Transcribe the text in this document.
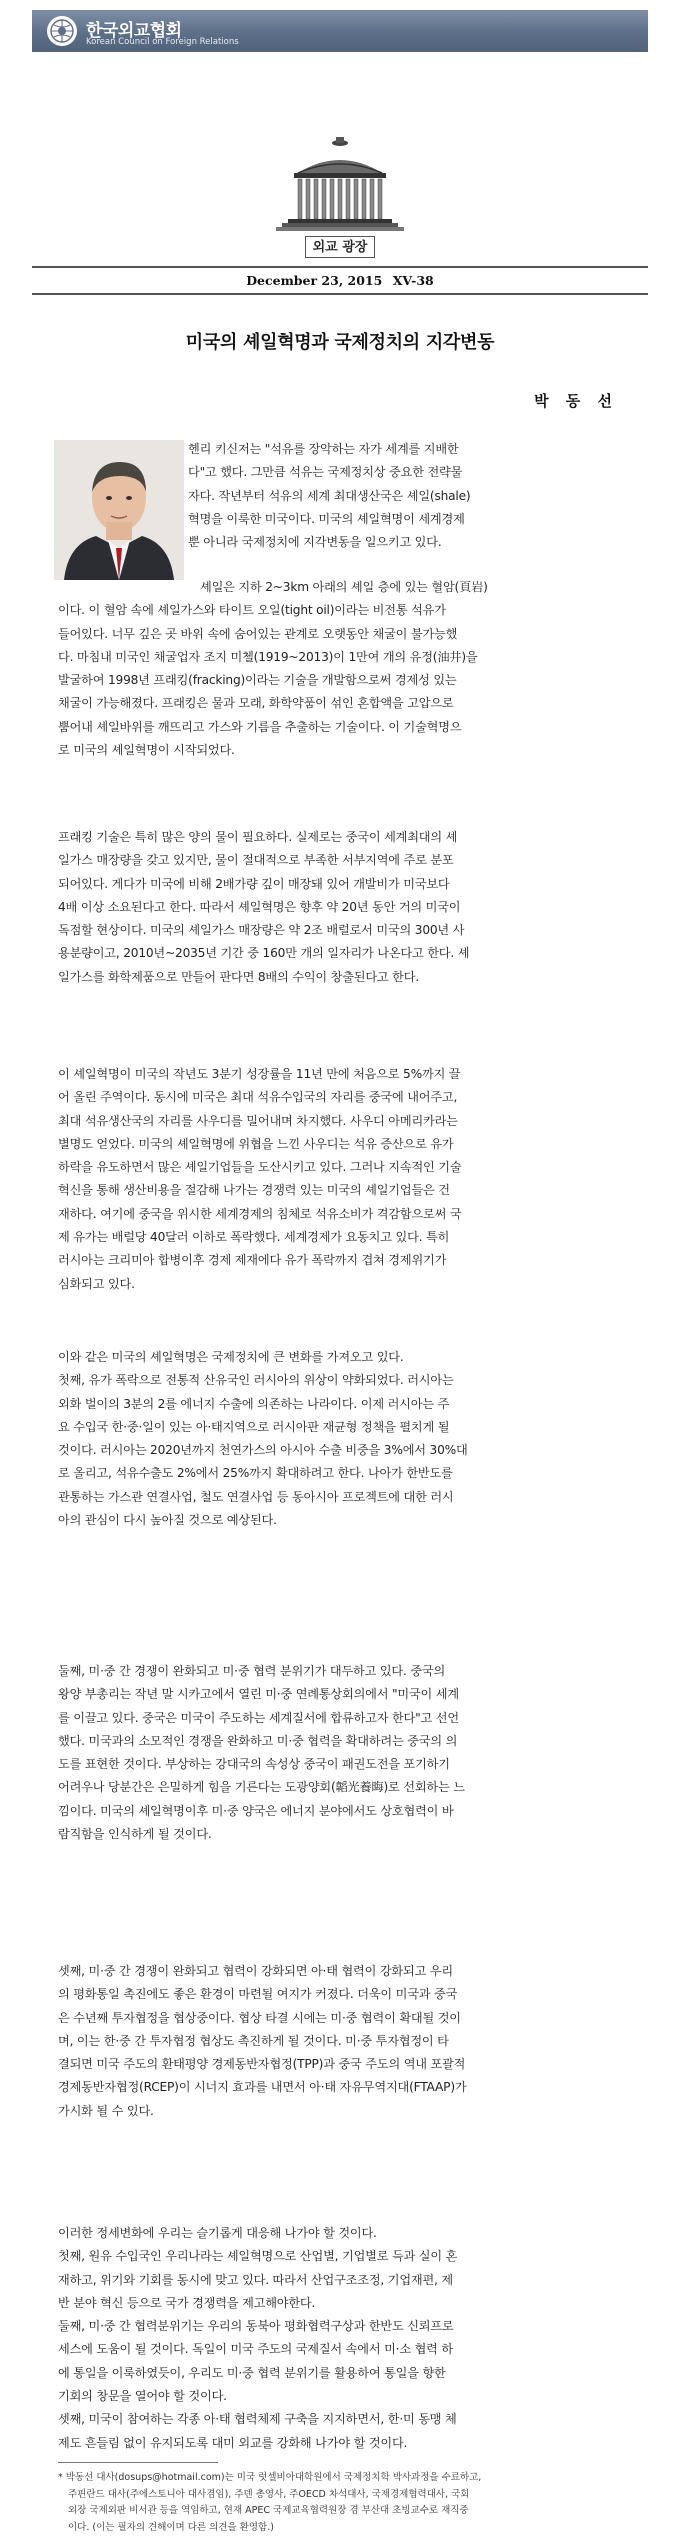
한국외교협회
Korean Council on Foreign Relations
외교 광장
December 23, 2015 XV-38
미국의 셰일혁명과 국제정치의 지각변동
박 동 선
헨리 키신저는 "석유를 장악하는 자가 세계를 지배한
다"고 했다. 그만큼 석유는 국제정치상 중요한 전략물
자다. 작년부터 석유의 세계 최대생산국은 셰일(shale)
혁명을 이룩한 미국이다. 미국의 셰일혁명이 세계경제
뿐 아니라 국제정치에 지각변동을 일으키고 있다.
셰일은 지하 2~3km 아래의 셰일 층에 있는 혈암(頁岩)
이다. 이 혈암 속에 셰일가스와 타이트 오일(tight oil)이라는 비전통 석유가
들어있다. 너무 깊은 곳 바위 속에 숨어있는 관계로 오랫동안 채굴이 불가능했
다. 마침내 미국인 채굴업자 조지 미첼(1919~2013)이 1만여 개의 유정(油井)을
발굴하여 1998년 프래킹(fracking)이라는 기술을 개발함으로써 경제성 있는
채굴이 가능해졌다. 프래킹은 물과 모래, 화학약품이 섞인 혼합액을 고압으로
뿜어내 셰일바위를 깨뜨리고 가스와 기름을 추출하는 기술이다. 이 기술혁명으
로 미국의 셰일혁명이 시작되었다.
프래킹 기술은 특히 많은 양의 물이 필요하다. 실제로는 중국이 세계최대의 셰
일가스 매장량을 갖고 있지만, 물이 절대적으로 부족한 서부지역에 주로 분포
되어있다. 게다가 미국에 비해 2배가량 깊이 매장돼 있어 개발비가 미국보다
4배 이상 소요된다고 한다. 따라서 셰일혁명은 향후 약 20년 동안 거의 미국이
독점할 현상이다. 미국의 셰일가스 매장량은 약 2조 배럴로서 미국의 300년 사
용분량이고, 2010년~2035년 기간 중 160만 개의 일자리가 나온다고 한다. 셰
일가스를 화학제품으로 만들어 판다면 8배의 수익이 창출된다고 한다.
이 셰일혁명이 미국의 작년도 3분기 성장률을 11년 만에 처음으로 5%까지 끌
어 올린 주역이다. 동시에 미국은 최대 석유수입국의 자리를 중국에 내어주고,
최대 석유생산국의 자리를 사우디를 밀어내며 차지했다. 사우디 아메리카라는
별명도 얻었다. 미국의 셰일혁명에 위협을 느낀 사우디는 석유 증산으로 유가
하락을 유도하면서 많은 셰일기업들을 도산시키고 있다. 그러나 지속적인 기술
혁신을 통해 생산비용을 절감해 나가는 경쟁력 있는 미국의 셰일기업들은 건
재하다. 여기에 중국을 위시한 세계경제의 침체로 석유소비가 격감함으로써 국
제 유가는 배럴당 40달러 이하로 폭락했다. 세계경제가 요동치고 있다. 특히
러시아는 크리미아 합병이후 경제 제재에다 유가 폭락까지 겹쳐 경제위기가
심화되고 있다.
이와 같은 미국의 셰일혁명은 국제정치에 큰 변화를 가져오고 있다.
첫째, 유가 폭락으로 전통적 산유국인 러시아의 위상이 약화되었다. 러시아는
외화 벌이의 3분의 2를 에너지 수출에 의존하는 나라이다. 이제 러시아는 주
요 수입국 한·중·일이 있는 아·태지역으로 러시아판 재균형 정책을 펼치게 될
것이다. 러시아는 2020년까지 천연가스의 아시아 수출 비중을 3%에서 30%대
로 올리고, 석유수출도 2%에서 25%까지 확대하려고 한다. 나아가 한반도를
관통하는 가스관 연결사업, 철도 연결사업 등 동아시아 프로젝트에 대한 러시
아의 관심이 다시 높아질 것으로 예상된다.
둘째, 미·중 간 경쟁이 완화되고 미·중 협력 분위기가 대두하고 있다. 중국의
왕양 부총리는 작년 말 시카고에서 열린 미·중 연례통상회의에서 "미국이 세계
를 이끌고 있다. 중국은 미국이 주도하는 세계질서에 합류하고자 한다"고 선언
했다. 미국과의 소모적인 경쟁을 완화하고 미·중 협력을 확대하려는 중국의 의
도를 표현한 것이다. 부상하는 강대국의 속성상 중국이 패권도전을 포기하기
어려우나 당분간은 은밀하게 힘을 기른다는 도광양회(韜光養晦)로 선회하는 느
낌이다. 미국의 셰일혁명이후 미·중 양국은 에너지 분야에서도 상호협력이 바
람직함을 인식하게 될 것이다.
셋째, 미·중 간 경쟁이 완화되고 협력이 강화되면 아·태 협력이 강화되고 우리
의 평화통일 촉진에도 좋은 환경이 마련될 여지가 커졌다. 더욱이 미국과 중국
은 수년째 투자협정을 협상중이다. 협상 타결 시에는 미·중 협력이 확대될 것이
며, 이는 한·중 간 투자협정 협상도 촉진하게 될 것이다. 미·중 투자협정이 타
결되면 미국 주도의 환태평양 경제동반자협정(TPP)과 중국 주도의 역내 포괄적
경제동반자협정(RCEP)이 시너지 효과를 내면서 아·태 자유무역지대(FTAAP)가
가시화 될 수 있다.
이러한 정세변화에 우리는 슬기롭게 대응해 나가야 할 것이다.
첫째, 원유 수입국인 우리나라는 셰일혁명으로 산업별, 기업별로 득과 실이 혼
재하고, 위기와 기회를 동시에 맞고 있다. 따라서 산업구조조정, 기업재편, 제
반 분야 혁신 등으로 국가 경쟁력을 제고해야한다.
둘째, 미·중 간 협력분위기는 우리의 동북아 평화협력구상과 한반도 신뢰프로
세스에 도움이 될 것이다. 독일이 미국 주도의 국제질서 속에서 미·소 협력 하
에 통일을 이룩하였듯이, 우리도 미·중 협력 분위기를 활용하여 통일을 향한
기회의 창문을 열어야 할 것이다.
셋째, 미국이 참여하는 각종 아·태 협력체제 구축을 지지하면서, 한·미 동맹 체
제도 흔들림 없이 유지되도록 대미 외교를 강화해 나가야 할 것이다.
* 박동선 대사(dosups@hotmail.com)는 미국 럿셀비아대학원에서 국제정치학 박사과정을 수료하고,
주핀란드 대사(주에스토니아 대사겸임), 주덴 총영사, 주OECD 차석대사, 국제경제협력대사, 국회
외장 국제외판 비서관 등을 역임하고, 현재 APEC 국제교육협력원장 겸 부산대 초빙교수로 재직중
이다. (이는 필자의 견해이며 다른 의견을 환영함.)
